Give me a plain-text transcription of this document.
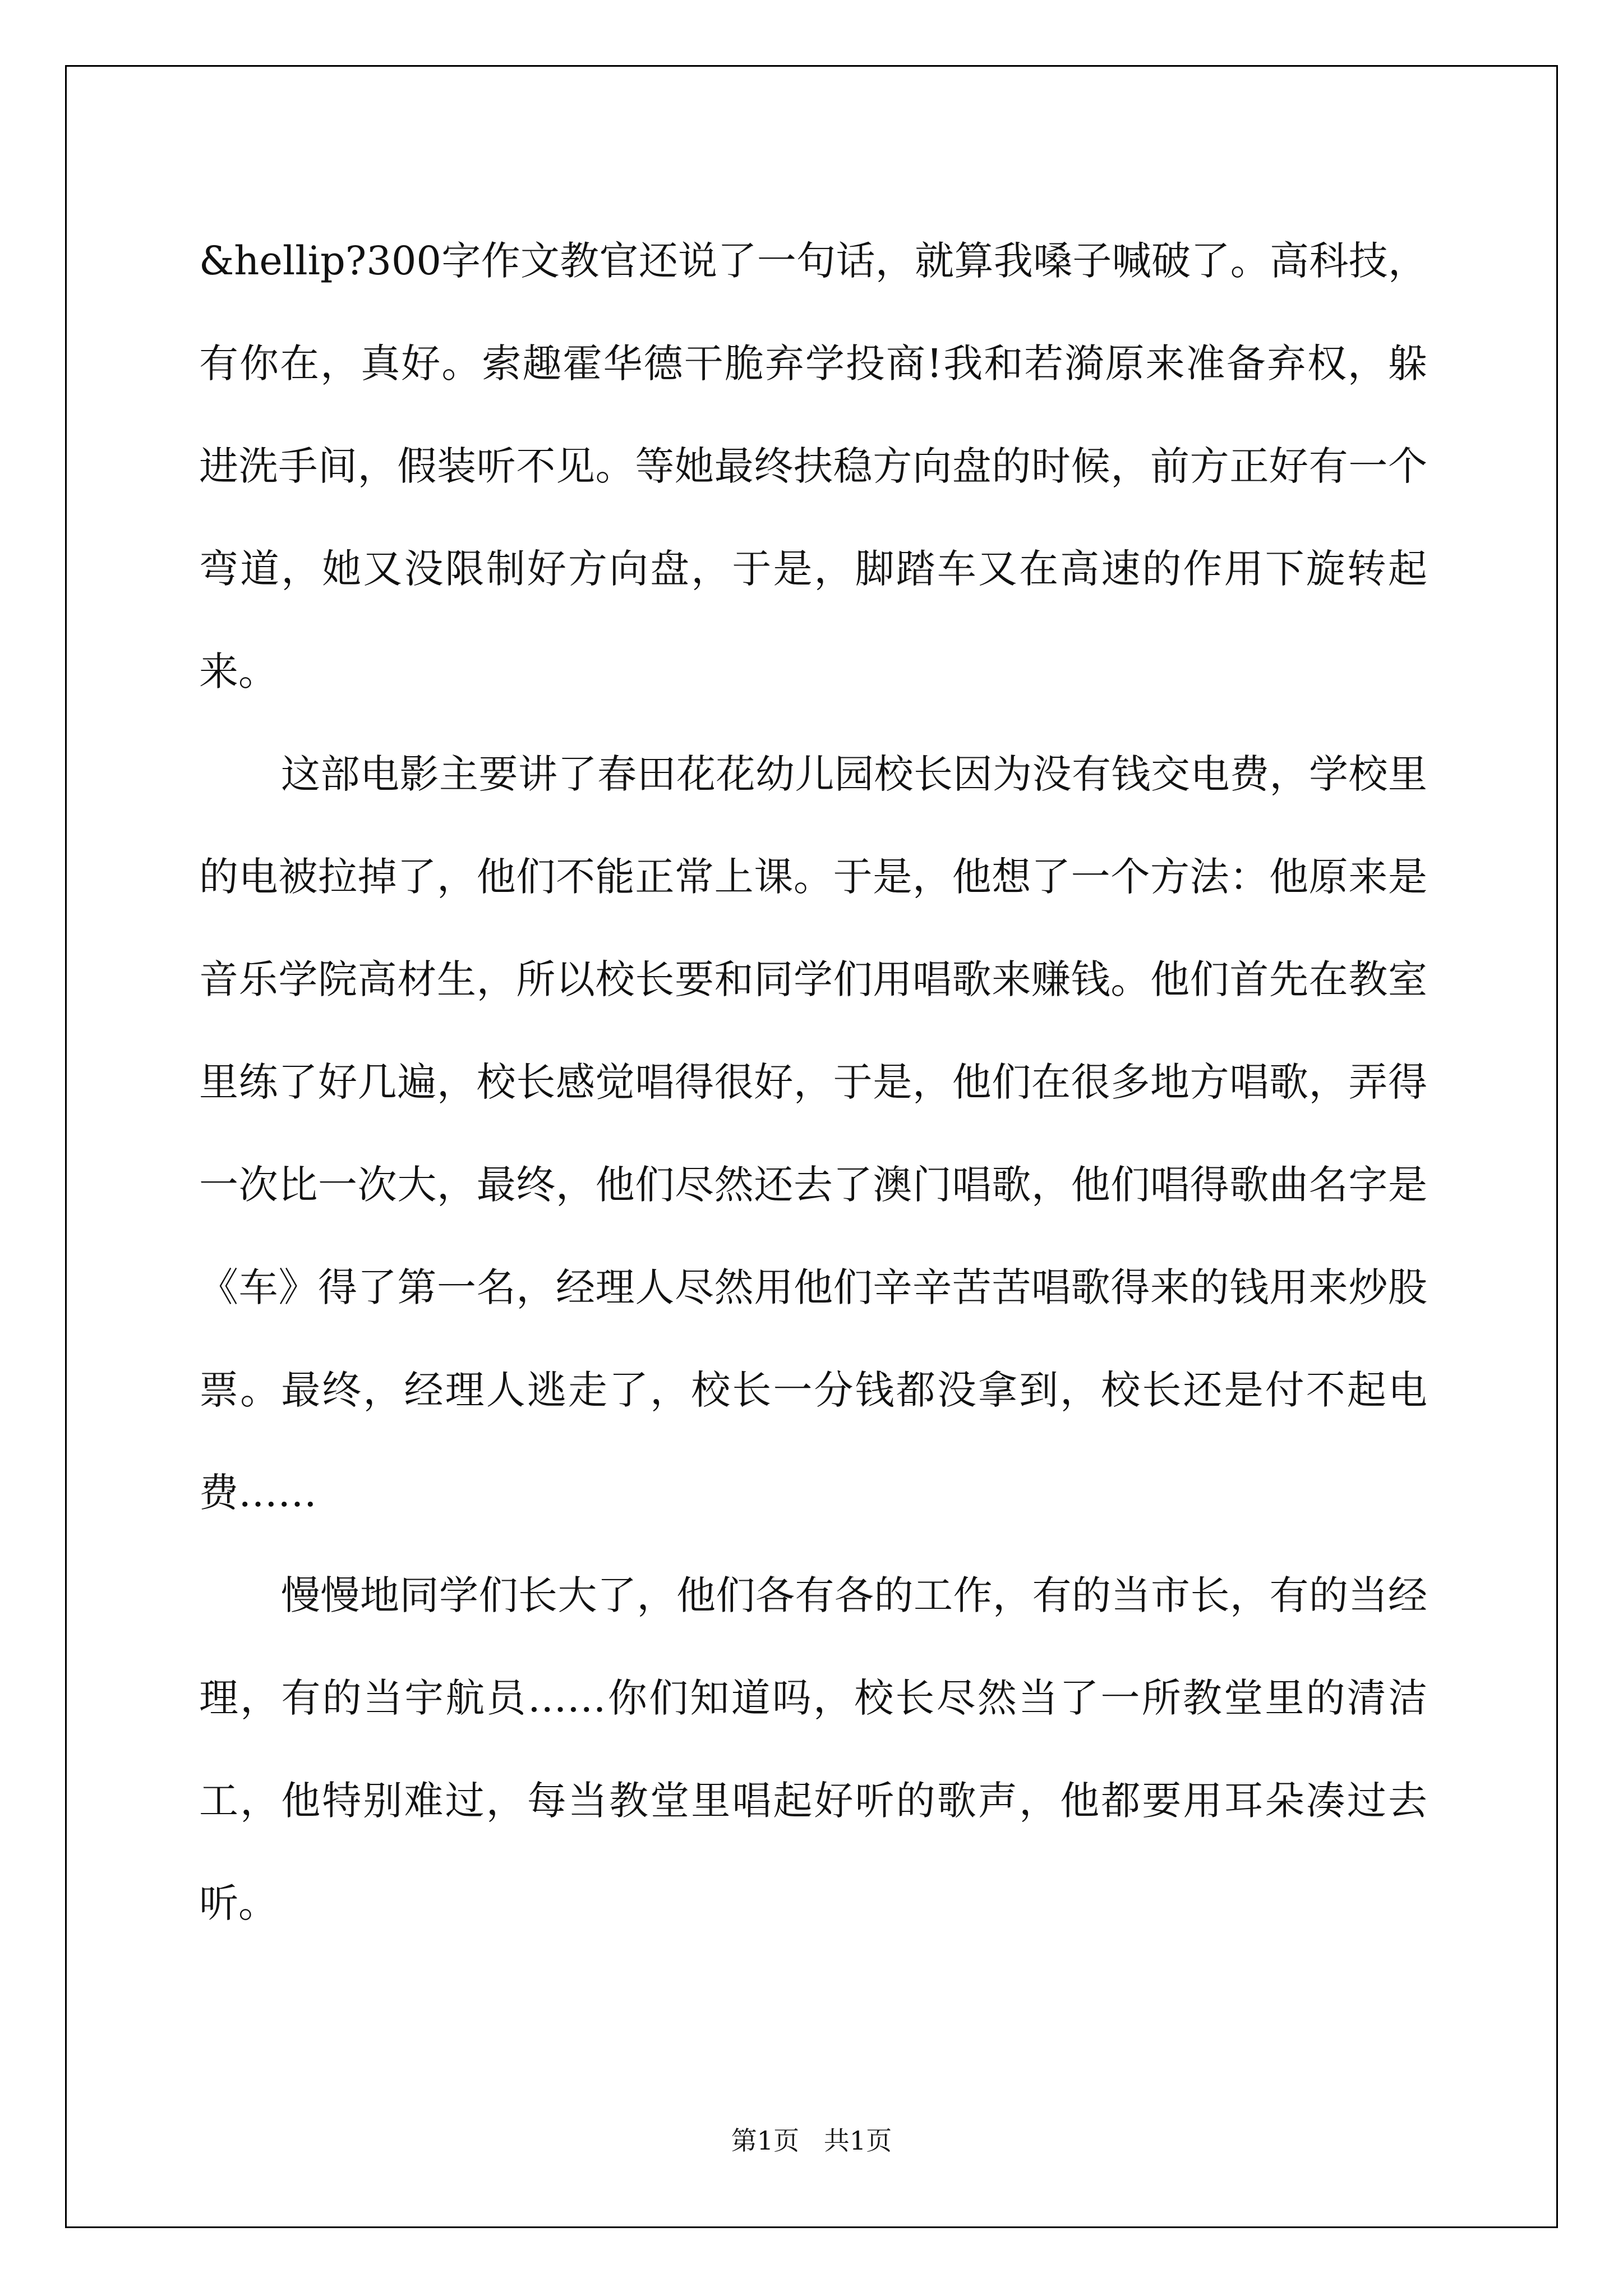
&hellip?300字作文教官还说了一句话，就算我嗓子喊破了。高科技，有你在，真好。索趣霍华德干脆弃学投商!我和若漪原来准备弃权，躲进洗手间，假装听不见。等她最终扶稳方向盘的时候，前方正好有一个弯道，她又没限制好方向盘，于是，脚踏车又在高速的作用下旋转起来。

这部电影主要讲了春田花花幼儿园校长因为没有钱交电费，学校里的电被拉掉了，他们不能正常上课。于是，他想了一个方法：他原来是音乐学院高材生，所以校长要和同学们用唱歌来赚钱。他们首先在教室里练了好几遍，校长感觉唱得很好，于是，他们在很多地方唱歌，弄得一次比一次大，最终，他们尽然还去了澳门唱歌，他们唱得歌曲名字是《车》得了第一名，经理人尽然用他们辛辛苦苦唱歌得来的钱用来炒股票。最终，经理人逃走了，校长一分钱都没拿到，校长还是付不起电费……

慢慢地同学们长大了，他们各有各的工作，有的当市长，有的当经理，有的当宇航员……你们知道吗，校长尽然当了一所教堂里的清洁工，他特别难过，每当教堂里唱起好听的歌声，他都要用耳朵凑过去听。

第1页   共1页
